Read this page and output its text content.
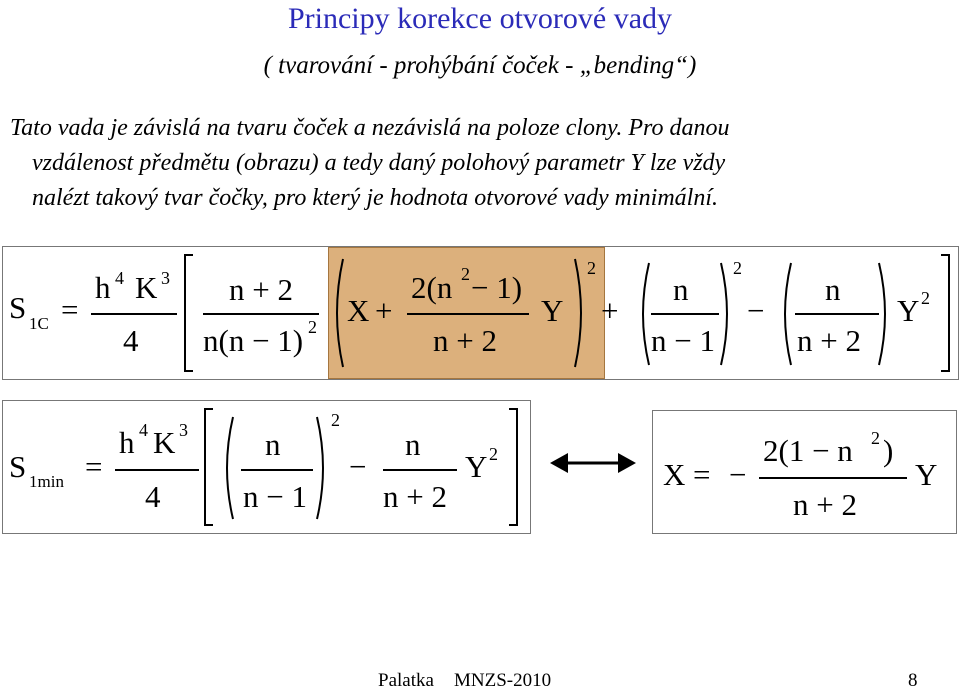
Principy korekce otvorové vady
( tvarování - prohýbání čoček - „bending“)
Tato vada je závislá na tvaru čoček a nezávislá na poloze clony. Pro danou
vzdálenost předmětu (obrazu) a tedy daný polohový parametr Y lze vždy
nalézt takový tvar čočky, pro který je hodnota otvorové vady minimální.
S 1C =
h 4 K 3
4
n + 2
n(n − 1) 2 X +
2(n 2 − 1)
n + 2
Y
2
+
n
n − 1
2
−
n
n + 2
Y 2
S 1min =
h 4 K 3
4
n
n − 1
2
−
n
n + 2
Y 2
X = −
2(1 − n 2 )
n + 2
Y
Palatka MNZS-2010	8
